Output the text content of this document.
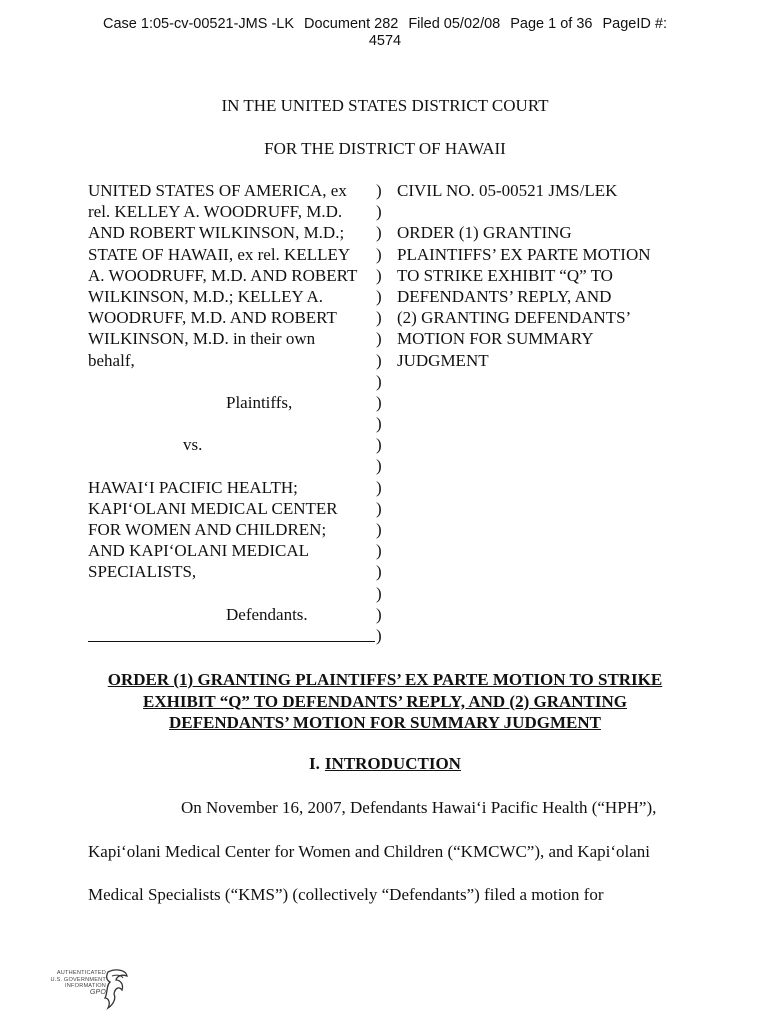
Case 1:05-cv-00521-JMS -LK Document 282 Filed 05/02/08 Page 1 of 36 PageID #:
4574
IN THE UNITED STATES DISTRICT COURT
FOR THE DISTRICT OF HAWAII
UNITED STATES OF AMERICA, ex
rel. KELLEY A. WOODRUFF, M.D.
AND ROBERT WILKINSON, M.D.;
STATE OF HAWAII, ex rel. KELLEY
A. WOODRUFF, M.D. AND ROBERT
WILKINSON, M.D.; KELLEY A.
WOODRUFF, M.D. AND ROBERT
WILKINSON, M.D. in their own
behalf,
Plaintiffs,
vs.
HAWAI‘I PACIFIC HEALTH;
KAPI‘OLANI MEDICAL CENTER
FOR WOMEN AND CHILDREN;
AND KAPI‘OLANI MEDICAL
SPECIALISTS,
Defendants.
)
)
)
)
)
)
)
)
)
)
)
)
)
)
)
)
)
)
)
)
)
)
CIVIL NO. 05-00521 JMS/LEK
ORDER (1) GRANTING
PLAINTIFFS’ EX PARTE MOTION
TO STRIKE EXHIBIT “Q” TO
DEFENDANTS’ REPLY, AND
(2) GRANTING DEFENDANTS’
MOTION FOR SUMMARY
JUDGMENT
ORDER (1) GRANTING PLAINTIFFS’ EX PARTE MOTION TO STRIKE
EXHIBIT “Q” TO DEFENDANTS’ REPLY, AND (2) GRANTING
DEFENDANTS’ MOTION FOR SUMMARY JUDGMENT
I. INTRODUCTION
On November 16, 2007, Defendants Hawai‘i Pacific Health (“HPH”),
Kapi‘olani Medical Center for Women and Children (“KMCWC”), and Kapi‘olani
Medical Specialists (“KMS”) (collectively “Defendants”) filed a motion for
AUTHENTICATED
U.S. GOVERNMENT
INFORMATION
GPO
